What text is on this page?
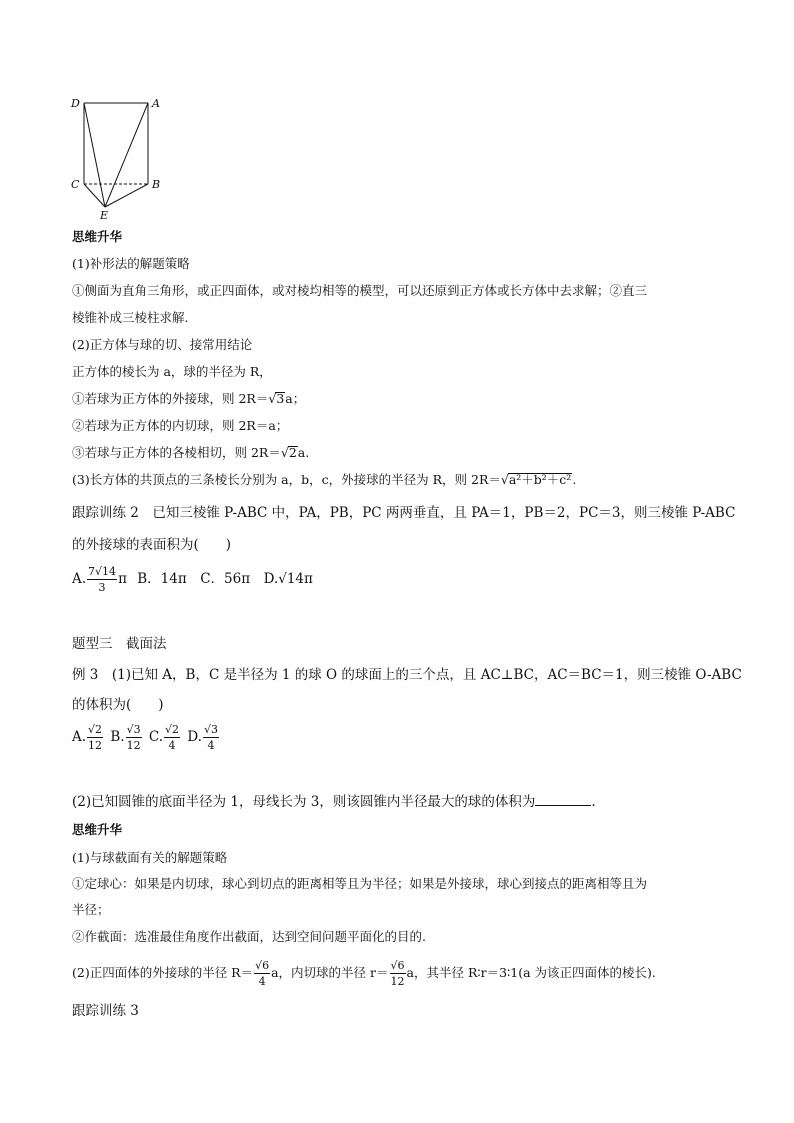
D	A
C	B
E
思维升华
(1)补形法的解题策略
①侧面为直角三角形，或正四面体，或对棱均相等的模型，可以还原到正方体或长方体中去求解；②直三
棱锥补成三棱柱求解.
(2)正方体与球的切、接常用结论
正方体的棱长为 a，球的半径为 R，
①若球为正方体的外接球，则 2R＝√3a；
②若球为正方体的内切球，则 2R＝a；
③若球与正方体的各棱相切，则 2R＝√2a.
(3)长方体的共顶点的三条棱长分别为 a，b，c，外接球的半径为 R，则 2R＝√a²＋b²＋c².
跟踪训练 2　已知三棱锥 P-ABC 中，PA，PB，PC 两两垂直，且 PA＝1，PB＝2，PC＝3，则三棱锥 P-ABC
的外接球的表面积为(　　)
A. $\frac{7√14}{3}$ π B．14π　C．56π　D.√14π
题型三　截面法
例 3　(1)已知 A，B，C 是半径为 1 的球 O 的球面上的三个点，且 AC⊥BC，AC＝BC＝1，则三棱锥 O-ABC
的体积为(　　)
A. $\frac{√2}{12} B$. $\frac{√3}{12} C$. $\frac{√2}{4} D$. $\frac{√3}{4}$
(2)已知圆锥的底面半径为 1，母线长为 3，则该圆锥内半径最大的球的体积为	.
思维升华
(1)与球截面有关的解题策略
①定球心：如果是内切球，球心到切点的距离相等且为半径；如果是外接球，球心到接点的距离相等且为
半径；
②作截面：选准最佳角度作出截面，达到空间问题平面化的目的.
(2)正四面体的外接球的半径 $R= \frac{√6}{4}$ a，内切球的半径 $r= \frac{√6}{12}$ a，其半径 R∶r＝3∶1(a 为该正四面体的棱长).
跟踪训练 3
